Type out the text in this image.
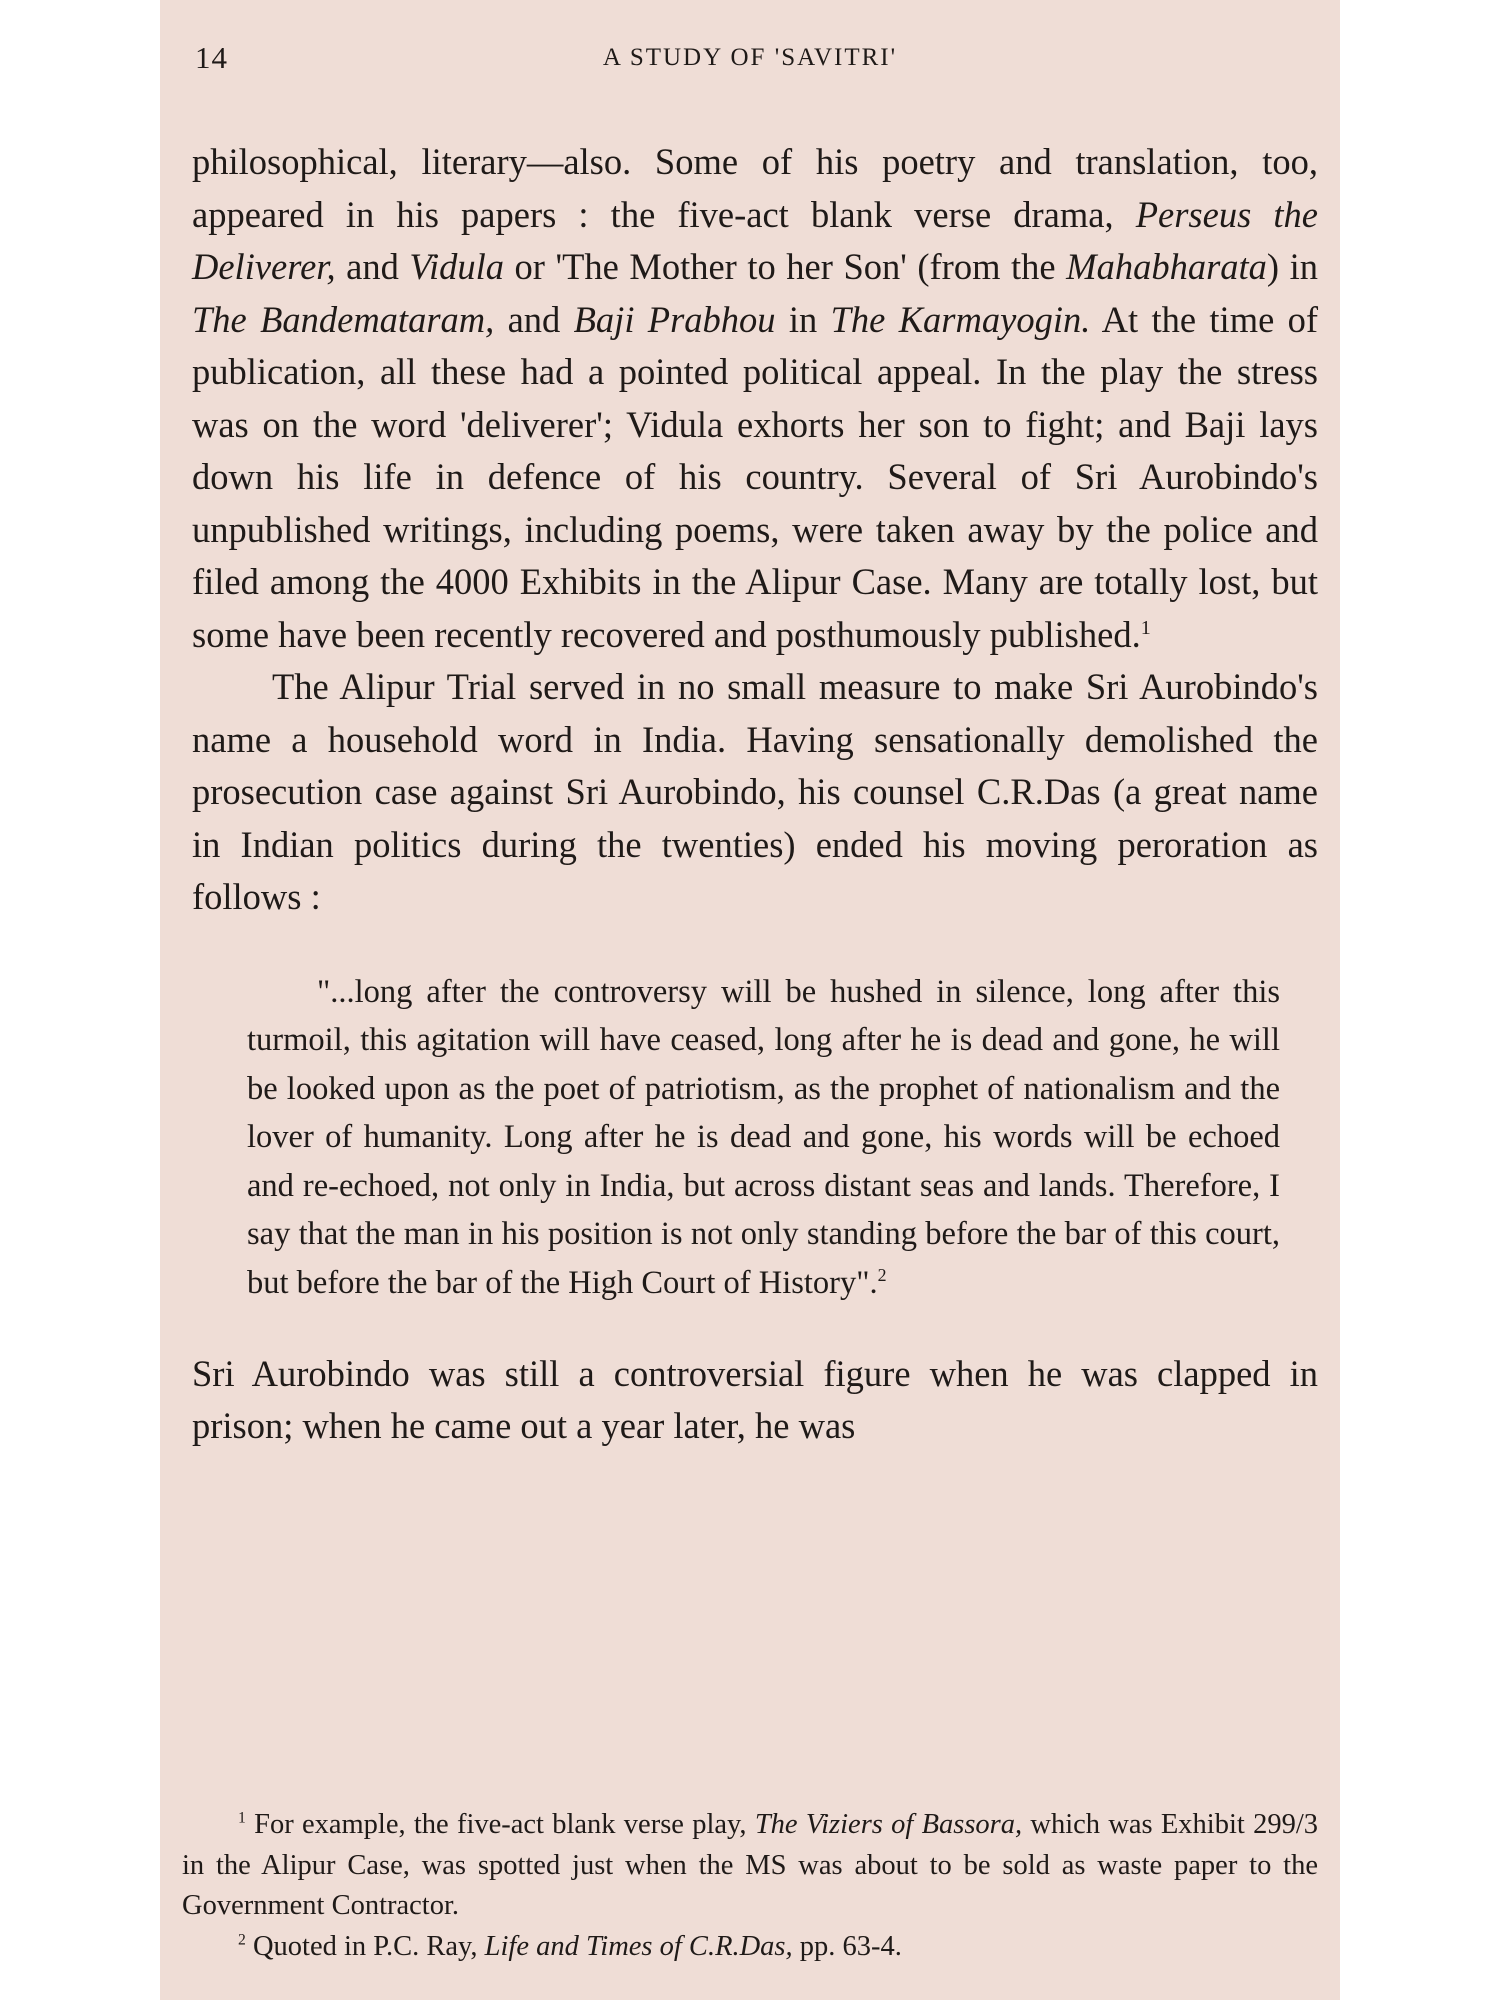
14	A STUDY OF 'SAVITRI'

philosophical, literary—also. Some of his poetry and translation, too, appeared in his papers : the five-act blank verse drama, Perseus the Deliverer, and Vidula or 'The Mother to her Son' (from the Mahabharata) in The Bandemataram, and Baji Prabhou in The Karmayogin. At the time of publication, all these had a pointed political appeal. In the play the stress was on the word 'deliverer'; Vidula exhorts her son to fight; and Baji lays down his life in defence of his country. Several of Sri Aurobindo's unpublished writings, including poems, were taken away by the police and filed among the 4000 Exhibits in the Alipur Case. Many are totally lost, but some have been recently recovered and posthumously published.$^1$

The Alipur Trial served in no small measure to make Sri Aurobindo's name a household word in India. Having sensationally demolished the prosecution case against Sri Aurobindo, his counsel C.R.Das (a great name in Indian politics during the twenties) ended his moving peroration as follows :

"...long after the controversy will be hushed in silence, long after this turmoil, this agitation will have ceased, long after he is dead and gone, he will be looked upon as the poet of patriotism, as the prophet of nationalism and the lover of humanity. Long after he is dead and gone, his words will be echoed and re-echoed, not only in India, but across distant seas and lands. Therefore, I say that the man in his position is not only standing before the bar of this court, but before the bar of the High Court of History".$^2$

Sri Aurobindo was still a controversial figure when he was clapped in prison; when he came out a year later, he was

$^1$ For example, the five-act blank verse play, The Viziers of Bassora, which was Exhibit 299/3 in the Alipur Case, was spotted just when the MS was about to be sold as waste paper to the Government Contractor.

$^2$ Quoted in P.C. Ray, Life and Times of C.R.Das, pp. 63-4.
